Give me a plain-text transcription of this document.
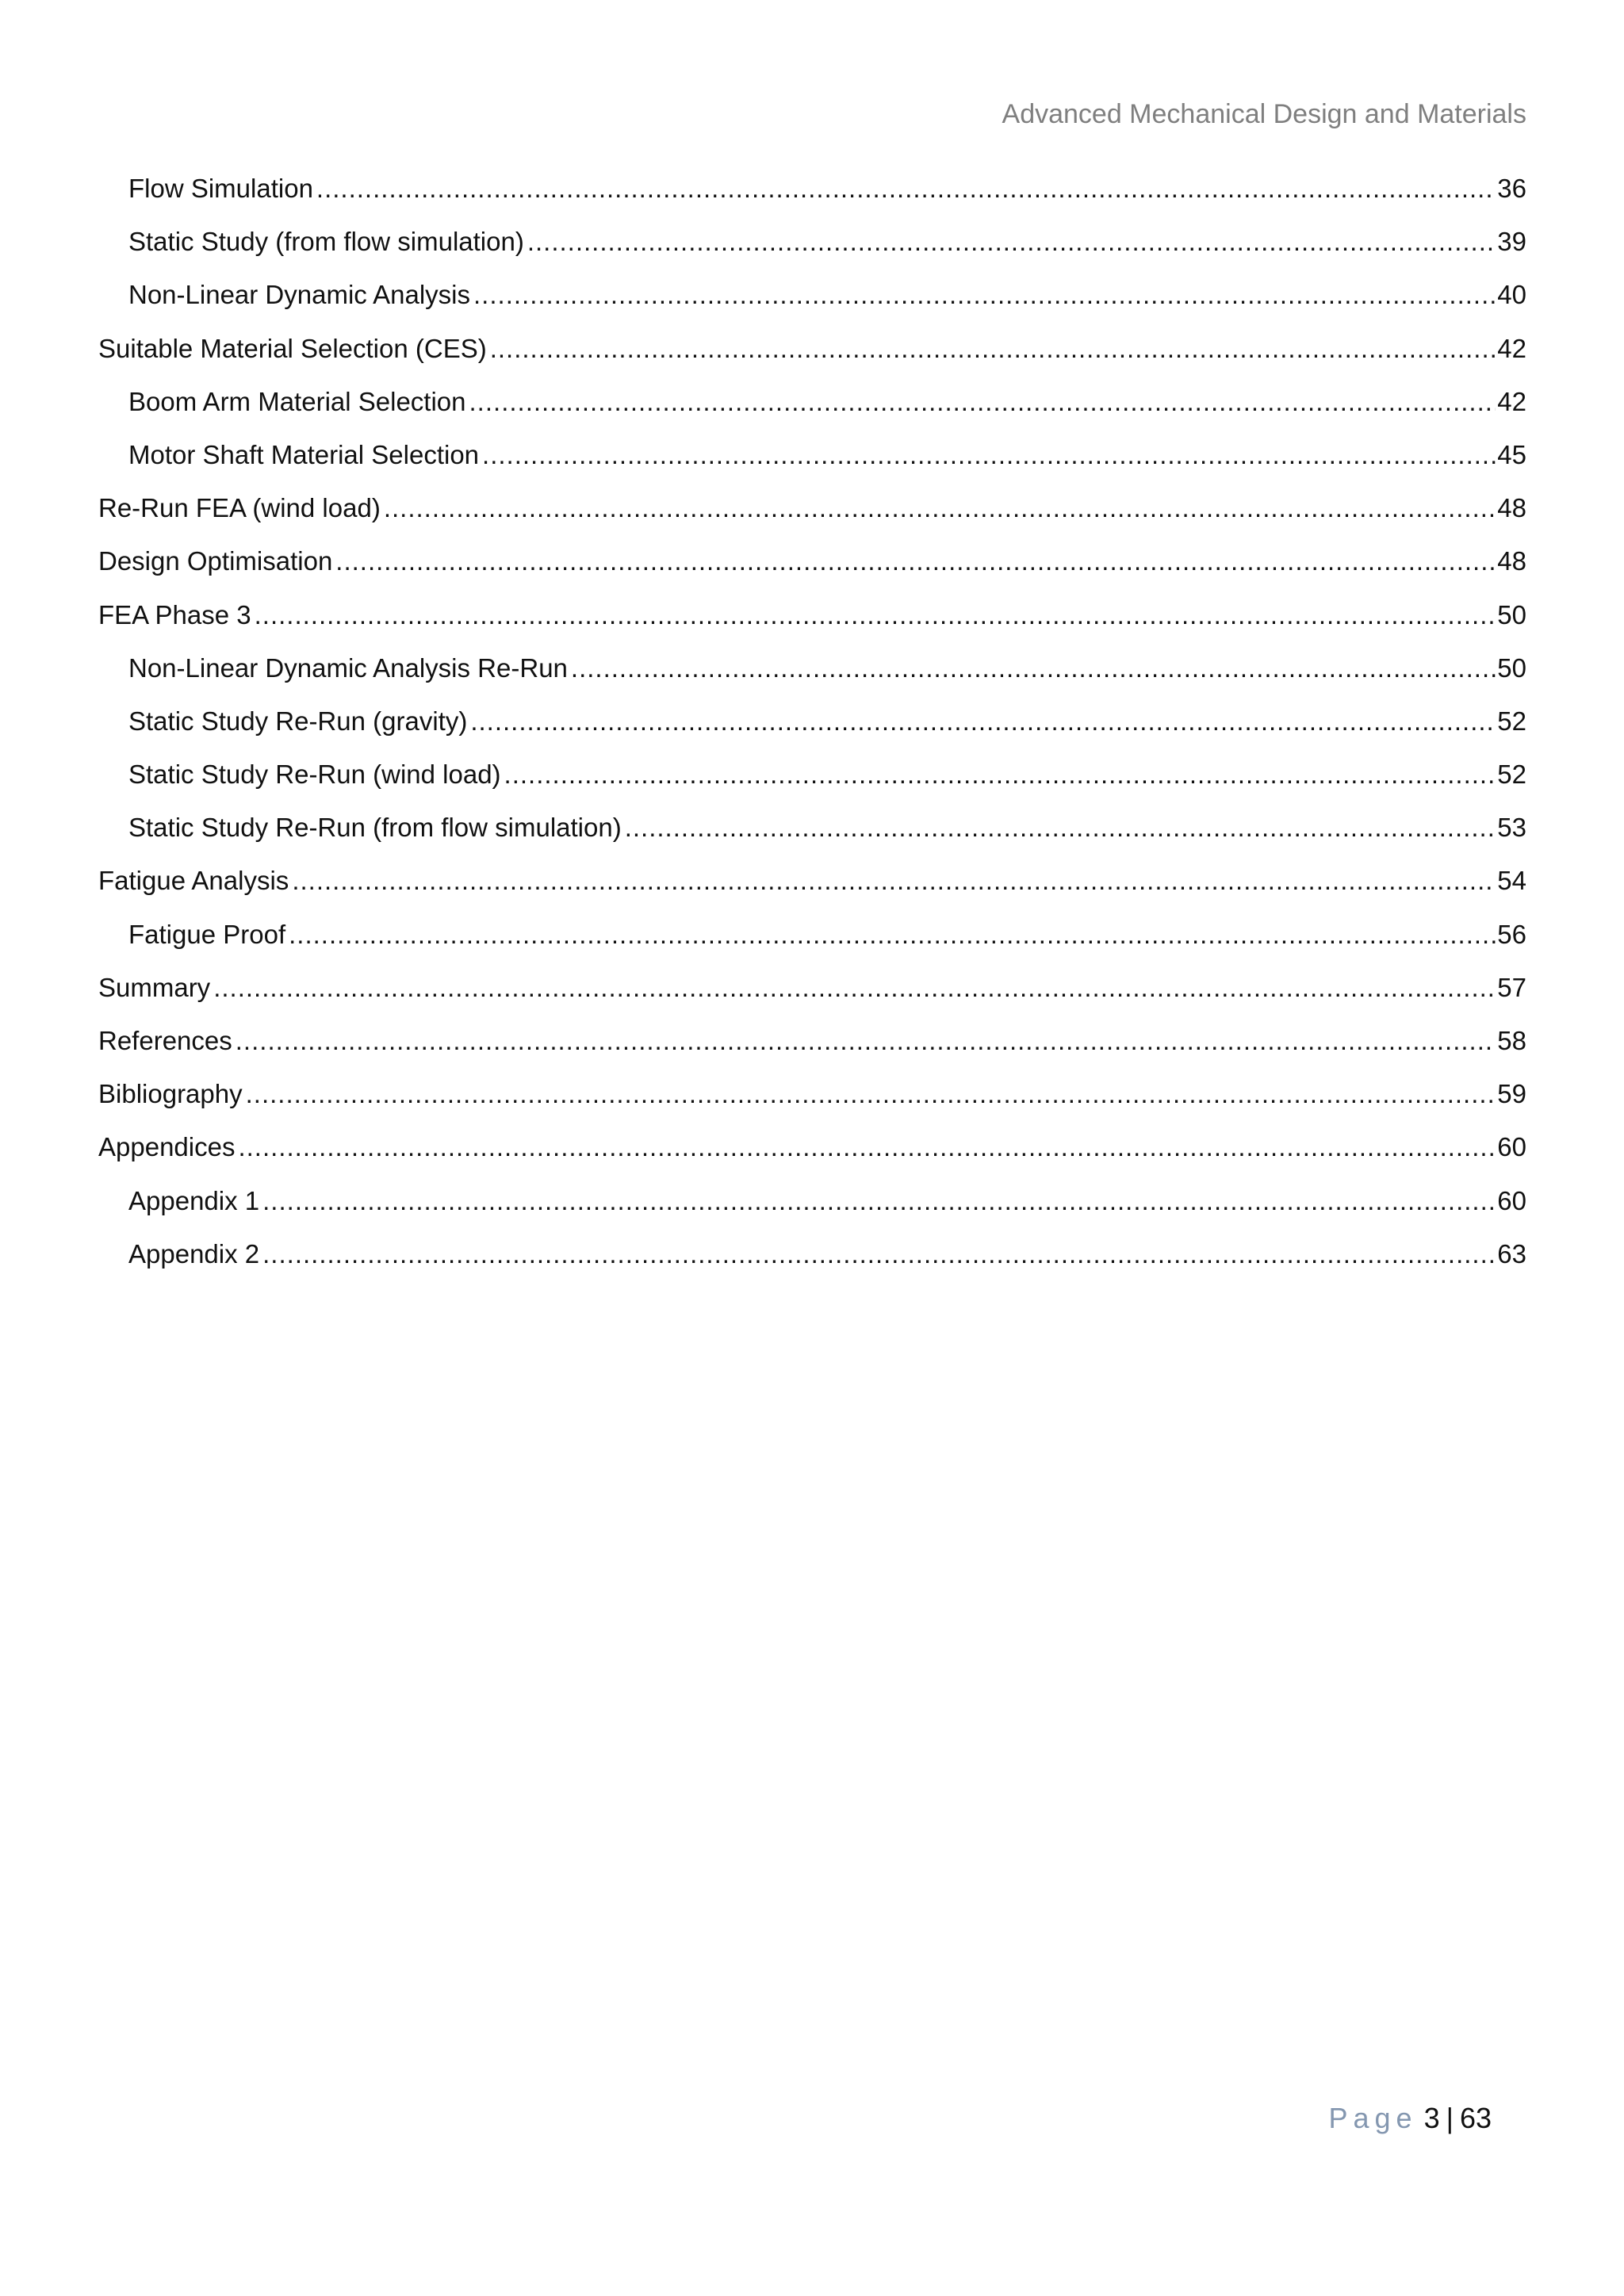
Advanced Mechanical Design and Materials
Flow Simulation .....	36
Static Study (from flow simulation) .....	39
Non-Linear Dynamic Analysis .....	40
Suitable Material Selection (CES) .....	42
Boom Arm Material Selection .....	42
Motor Shaft Material Selection .....	45
Re-Run FEA (wind load) .....	48
Design Optimisation .....	48
FEA Phase 3 .....	50
Non-Linear Dynamic Analysis Re-Run .....	50
Static Study Re-Run (gravity) .....	52
Static Study Re-Run (wind load) .....	52
Static Study Re-Run (from flow simulation) .....	53
Fatigue Analysis .....	54
Fatigue Proof .....	56
Summary .....	57
References .....	58
Bibliography .....	59
Appendices .....	60
Appendix 1 .....	60
Appendix 2 .....	63
Page 3 | 63
